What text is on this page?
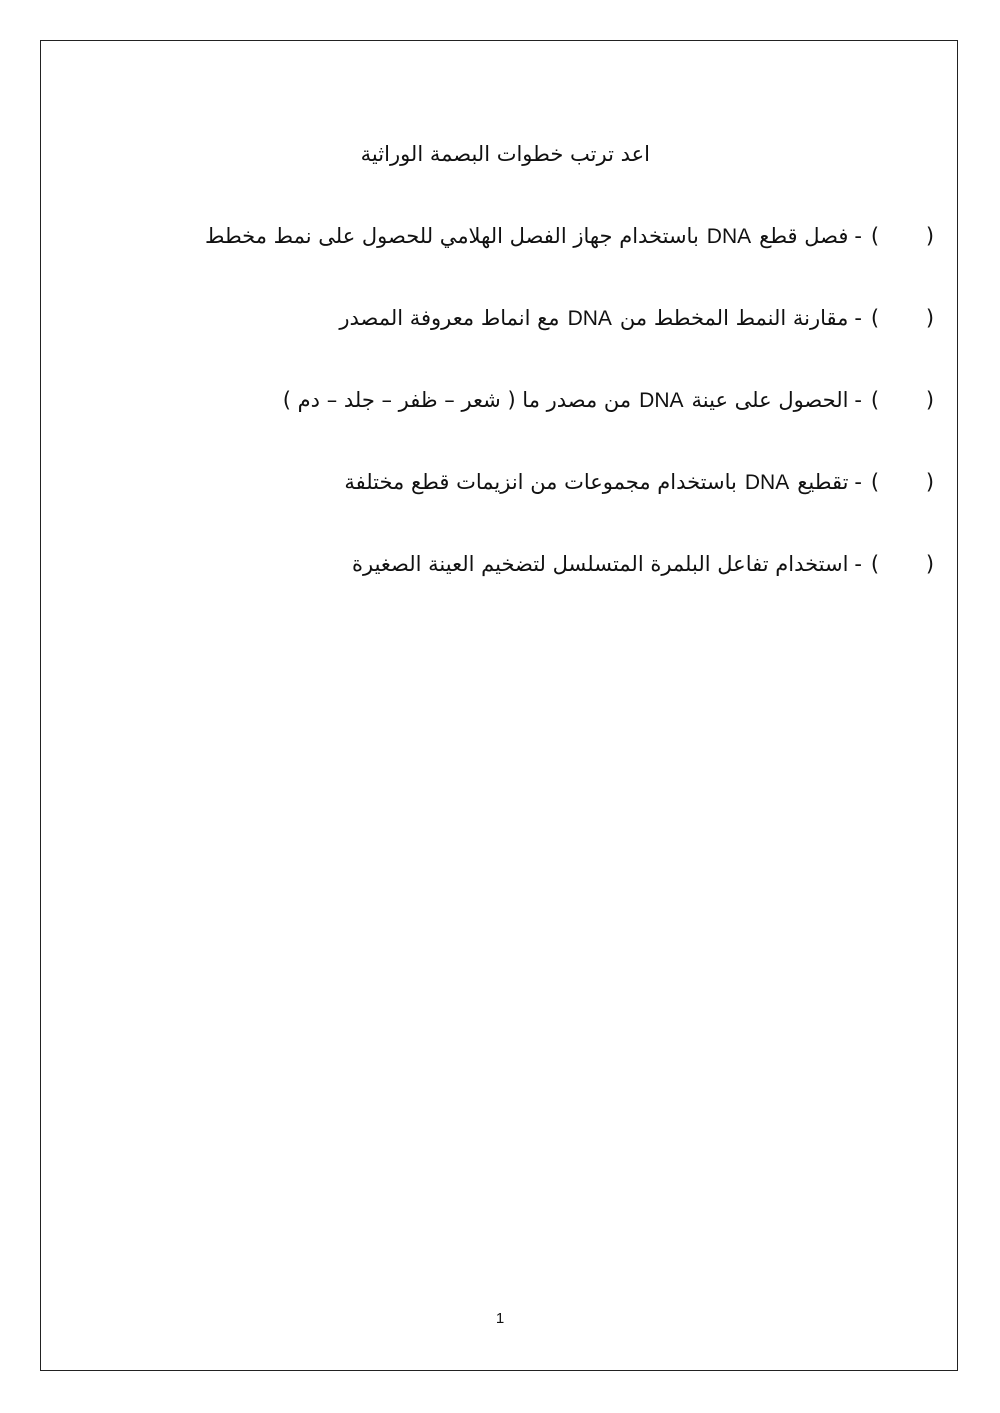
اعد ترتب خطوات البصمة الوراثية
(
)
-
فصل قطعDNAباستخدام جهاز الفصل الهلامي للحصول على نمط مخطط
(
)
-
مقارنة النمط المخطط منDNAمع انماط معروفة المصدر
(
)
-
الحصول على عينةDNAمن مصدر ما ( شعر – ظفر – جلد – دم )
(
)
-
تقطيعDNAباستخدام مجموعات من انزيمات قطع مختلفة
(
)
-
استخدام تفاعل البلمرة المتسلسل لتضخيم العينة الصغيرة
1
